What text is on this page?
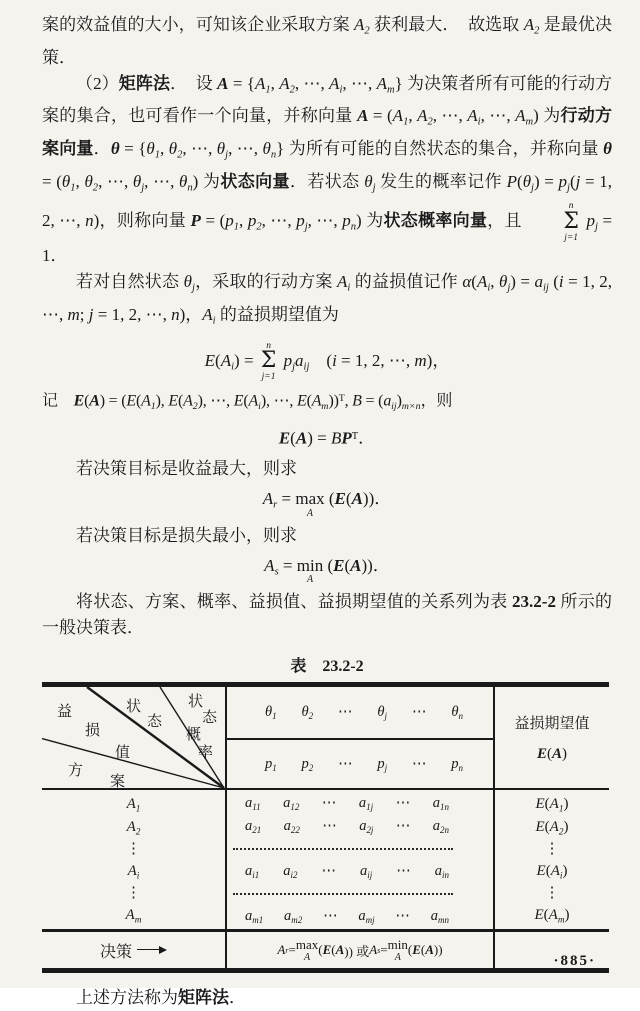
案的效益值的大小，可知该企业采取方案 $A_2$ 获利最大．　故选取 $A_2$ 是最优决策．

（2）矩阵法．　设 $A = \{A_1$, $A_2$, ⋯, $A_i$, ⋯, $A_m$} 为决策者所有可能的行动方案的集合，也可看作一个向量，并称向量 $A = (A_1$, $A_2$, ⋯, $A_i$, ⋯, $A_m$) 为行动方案向量．$\theta = \{\theta_1$, $\theta_2$, ⋯, $\theta_j$, ⋯, $\theta_n$} 为所有可能的自然状态的集合，并称向量 $\theta = (\theta_1$, $\theta_2$, ⋯, $\theta_j$, ⋯, $\theta_n$) 为状态向量．若状态 $\theta_j$ 发生的概率记作 $P(\theta_j) = p_j(j = 1$, 2, ⋯, n)，则称向量 $P = (p_1$, $p_2$, ⋯, $p_j$, ⋯, $p_n$) 为状态概率向量，且
n
Σ
j=1
$p_j = 1$．

若对自然状态 $\theta_j$，采取的行动方案 $A_i$ 的益损值记作 $\alpha(A_i$, $\theta_j) = a_{ij}$ (i = 1, 2, ⋯, m; j = 1, 2, ⋯, n)，$A_i$ 的益损期望值为

$E(A_i)$ =
n
Σ
j=1
$p_ja_{ij}$　(i = 1, 2, ⋯, m)，

记　$E(A) = (E(A_1)$, $E(A_2)$, ⋯, $E(A_i)$, ⋯, $E(A_m))^T$, $B = (a_{ij})_{m\times n}$，则

$E(A) = BP^T$．

若决策目标是收益最大，则求

$A_r = \max$
A
(E(A))．

若决策目标是损失最小，则求

$A_s = \min$
A
(E(A))．

将状态、方案、概率、益损值、益损期望值的关系列为表 23.2-2 所示的一般决策表．

表　23.2-2
益
损
值
状
态
状
态
概
率
方
案
$\theta_1$ $\theta_2$ ⋯ $\theta_j$ ⋯ $\theta_n$	益损期望值
E(A)
$p_1$ $p_2$ ⋯ $p_j$ ⋯ $p_n$
$A_1$
$A_2$
⋮
$A_i$
⋮
$A_m$
$a_{11}$ $a_{12}$ ⋯ $a_{1j}$ ⋯ $a_{1n}$
$a_{21}$ $a_{22}$ ⋯ $a_{2j}$ ⋯ $a_{2n}$
$a_{i1}$ $a_{i2}$ ⋯ $a_{ij}$ ⋯ $a_{in}$
$a_{m1}$ $a_{m2}$ ⋯ $a_{mj}$ ⋯ $a_{mn}$
$E(A_1)$
$E(A_2)$
⋮
$E(A_i)$
⋮
$E(A_m)$
决策	A r = max
A ( E ( A )) 或 A s = min
A ( E ( A ))

上述方法称为矩阵法．

·885·
